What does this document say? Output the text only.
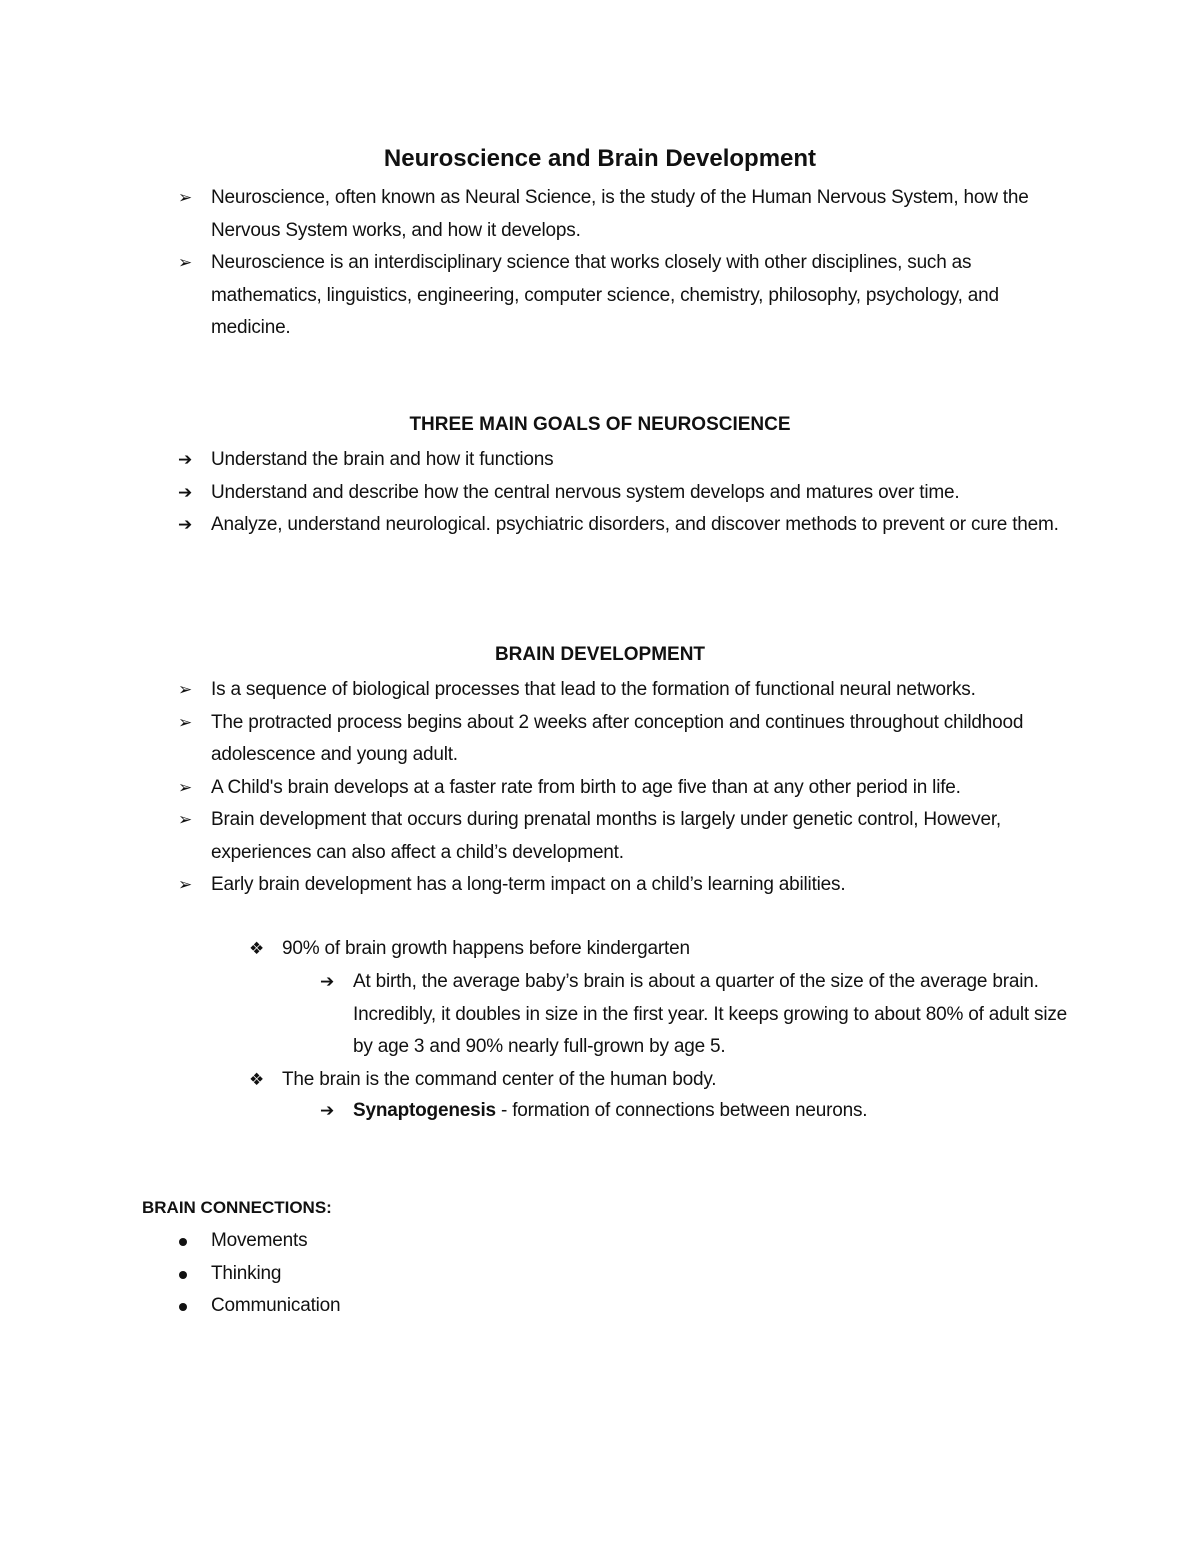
Neuroscience and Brain Development
➢ Neuroscience, often known as Neural Science, is the study of the Human Nervous System, how the Nervous System works, and how it develops.
➢ Neuroscience is an interdisciplinary science that works closely with other disciplines, such as mathematics, linguistics, engineering, computer science, chemistry, philosophy, psychology, and medicine.
THREE MAIN GOALS OF NEUROSCIENCE
➔ Understand the brain and how it functions
➔ Understand and describe how the central nervous system develops and matures over time.
➔ Analyze, understand neurological. psychiatric disorders, and discover methods to prevent or cure them.
BRAIN DEVELOPMENT
➢ Is a sequence of biological processes that lead to the formation of functional neural networks.
➢ The protracted process begins about 2 weeks after conception and continues throughout childhood adolescence and young adult.
➢ A Child's brain develops at a faster rate from birth to age five than at any other period in life.
➢ Brain development that occurs during prenatal months is largely under genetic control, However, experiences can also affect a child’s development.
➢ Early brain development has a long-term impact on a child’s learning abilities.
❖ 90% of brain growth happens before kindergarten
➔ At birth, the average baby’s brain is about a quarter of the size of the average brain. Incredibly, it doubles in size in the first year. It keeps growing to about 80% of adult size by age 3 and 90% nearly full-grown by age 5.
❖ The brain is the command center of the human body.
➔ Synaptogenesis - formation of connections between neurons.
BRAIN CONNECTIONS:
Movements
Thinking
Communication
